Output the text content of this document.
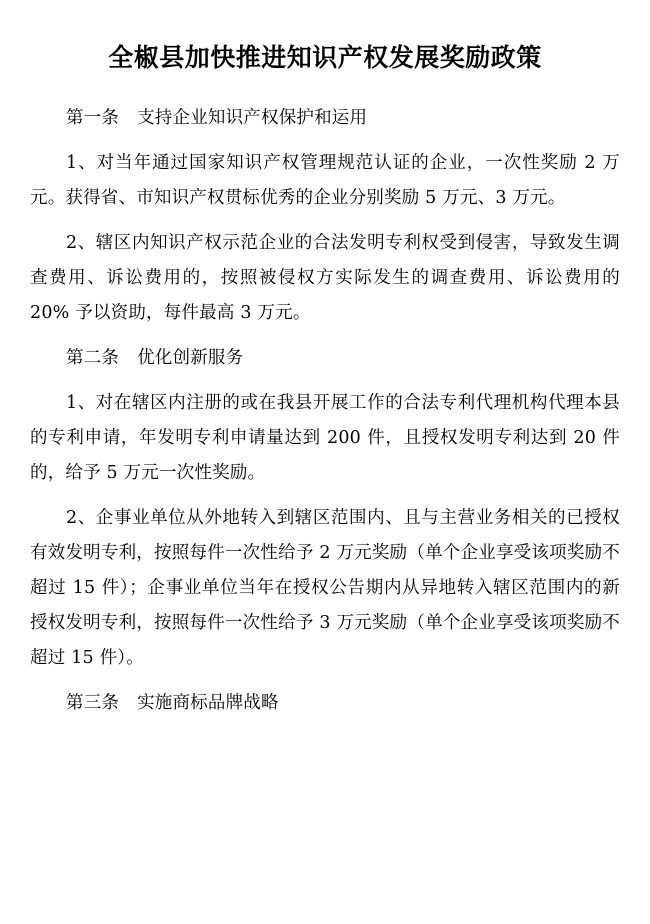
全椒县加快推进知识产权发展奖励政策

第一条 支持企业知识产权保护和运用

1、对当年通过国家知识产权管理规范认证的企业，一次性奖励 2 万元。获得省、市知识产权贯标优秀的企业分别奖励 5 万元、3 万元。

2、辖区内知识产权示范企业的合法发明专利权受到侵害，导致发生调查费用、诉讼费用的，按照被侵权方实际发生的调查费用、诉讼费用的 20% 予以资助，每件最高 3 万元。

第二条 优化创新服务

1、对在辖区内注册的或在我县开展工作的合法专利代理机构代理本县的专利申请，年发明专利申请量达到 200 件，且授权发明专利达到 20 件的，给予 5 万元一次性奖励。

2、企事业单位从外地转入到辖区范围内、且与主营业务相关的已授权有效发明专利，按照每件一次性给予 2 万元奖励（单个企业享受该项奖励不超过 15 件）；企事业单位当年在授权公告期内从异地转入辖区范围内的新授权发明专利，按照每件一次性给予 3 万元奖励（单个企业享受该项奖励不超过 15 件）。

第三条 实施商标品牌战略
